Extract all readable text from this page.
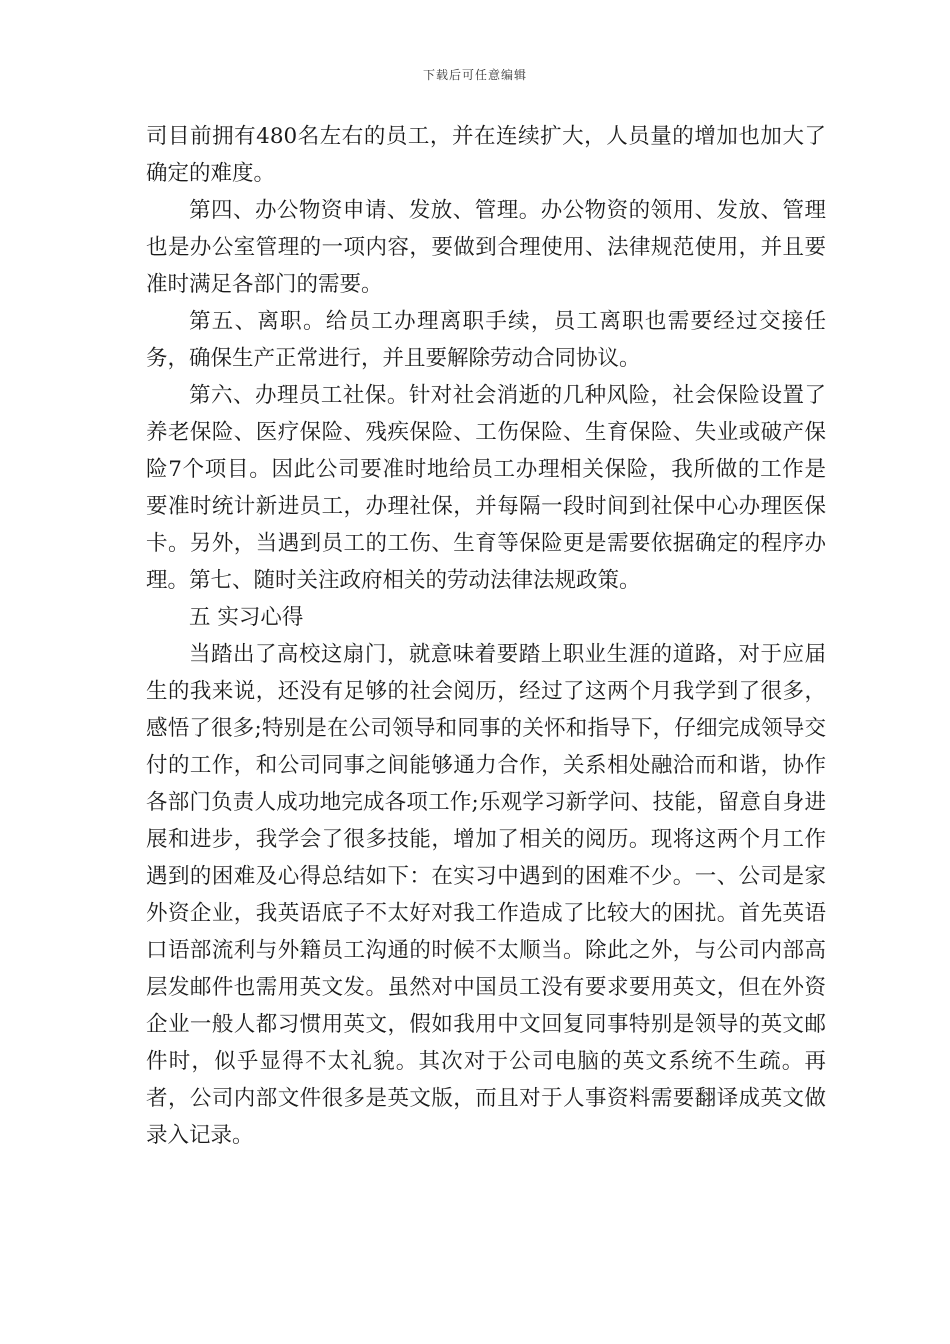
下载后可任意编辑

司目前拥有480名左右的员工，并在连续扩大，人员量的增加也加大了确定的难度。

第四、办公物资申请、发放、管理。办公物资的领用、发放、管理也是办公室管理的一项内容，要做到合理使用、法律规范使用，并且要准时满足各部门的需要。

第五、离职。给员工办理离职手续，员工离职也需要经过交接任务，确保生产正常进行，并且要解除劳动合同协议。

第六、办理员工社保。针对社会消逝的几种风险，社会保险设置了养老保险、医疗保险、残疾保险、工伤保险、生育保险、失业或破产保险7个项目。因此公司要准时地给员工办理相关保险，我所做的工作是要准时统计新进员工，办理社保，并每隔一段时间到社保中心办理医保卡。另外，当遇到员工的工伤、生育等保险更是需要依据确定的程序办理。第七、随时关注政府相关的劳动法律法规政策。

五 实习心得

当踏出了高校这扇门，就意味着要踏上职业生涯的道路，对于应届生的我来说，还没有足够的社会阅历，经过了这两个月我学到了很多，感悟了很多;特别是在公司领导和同事的关怀和指导下，仔细完成领导交付的工作，和公司同事之间能够通力合作，关系相处融洽而和谐，协作各部门负责人成功地完成各项工作;乐观学习新学问、技能，留意自身进展和进步，我学会了很多技能，增加了相关的阅历。现将这两个月工作遇到的困难及心得总结如下：在实习中遇到的困难不少。一、公司是家外资企业，我英语底子不太好对我工作造成了比较大的困扰。首先英语口语部流利与外籍员工沟通的时候不太顺当。除此之外，与公司内部高层发邮件也需用英文发。虽然对中国员工没有要求要用英文，但在外资企业一般人都习惯用英文，假如我用中文回复同事特别是领导的英文邮件时，似乎显得不太礼貌。其次对于公司电脑的英文系统不生疏。再者，公司内部文件很多是英文版，而且对于人事资料需要翻译成英文做录入记录。
